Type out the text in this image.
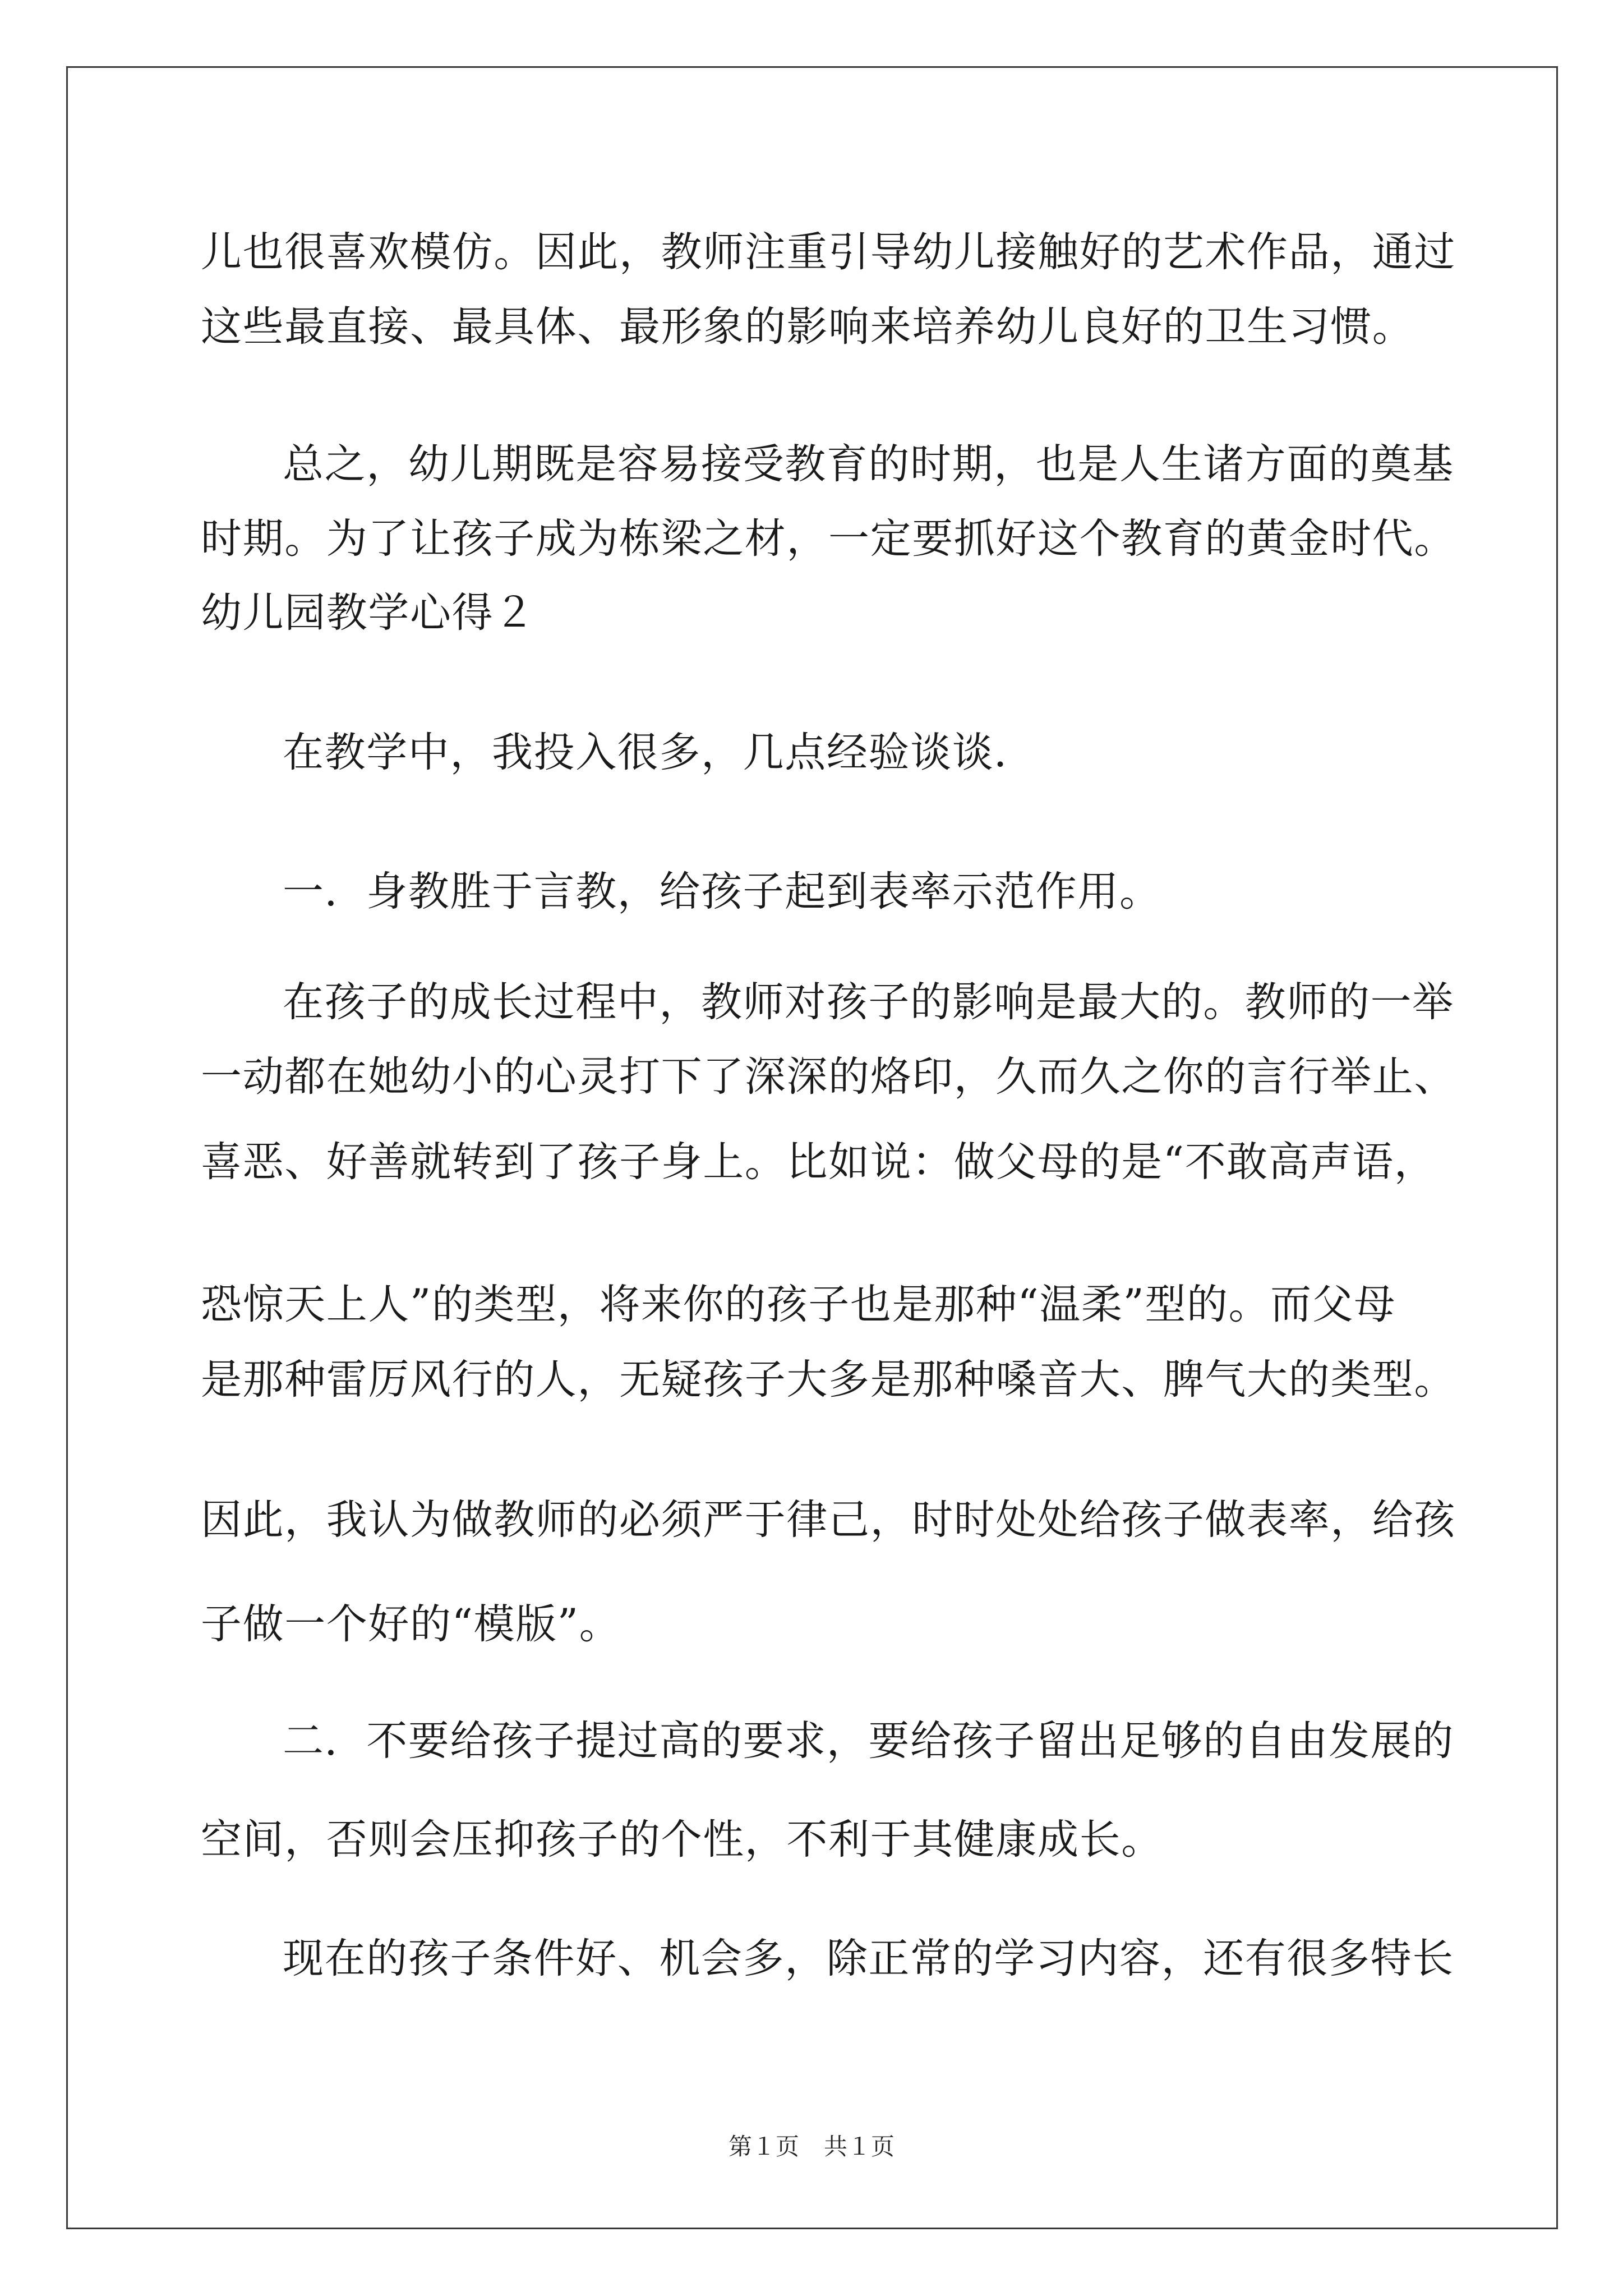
儿也很喜欢模仿。因此，教师注重引导幼儿接触好的艺术作品，通过
这些最直接、最具体、最形象的影响来培养幼儿良好的卫生习惯。
总之，幼儿期既是容易接受教育的时期，也是人生诸方面的奠基
时期。为了让孩子成为栋梁之材，一定要抓好这个教育的黄金时代。
幼儿园教学心得２
在教学中，我投入很多，几点经验谈谈．
一．身教胜于言教，给孩子起到表率示范作用。
在孩子的成长过程中，教师对孩子的影响是最大的。教师的一举
一动都在她幼小的心灵打下了深深的烙印，久而久之你的言行举止、
喜恶、好善就转到了孩子身上。比如说：做父母的是“不敢高声语，
恐惊天上人”的类型，将来你的孩子也是那种“温柔”型的。而父母
是那种雷厉风行的人，无疑孩子大多是那种嗓音大、脾气大的类型。
因此，我认为做教师的必须严于律己，时时处处给孩子做表率，给孩
子做一个好的“模版”。
二．不要给孩子提过高的要求，要给孩子留出足够的自由发展的
空间，否则会压抑孩子的个性，不利于其健康成长。
现在的孩子条件好、机会多，除正常的学习内容，还有很多特长
第１页 共１页
